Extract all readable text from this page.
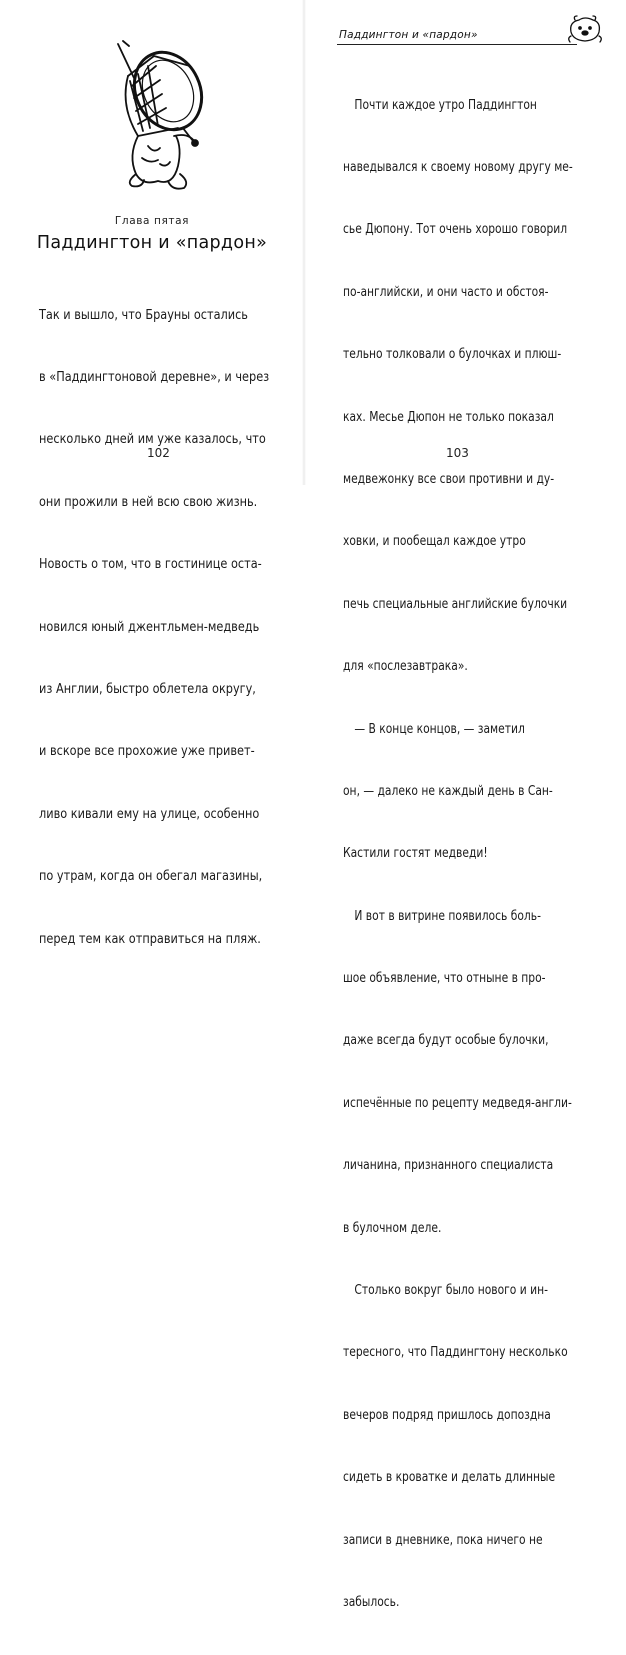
Глава пятая
Паддингтон и «пардон»

Так и вышло, что Брауны остались

в «Паддингтоновой деревне», и через

несколько дней им уже казалось, что

они прожили в ней всю свою жизнь.

Новость о том, что в гостинице оста-

новился юный джентльмен-медведь

из Англии, быстро облетела округу,

и вскоре все прохожие уже привет-

ливо кивали ему на улице, особенно

по утрам, когда он обегал магазины,

перед тем как отправиться на пляж.

102
Паддингтон и «пардон»

Почти каждое утро Паддингтон

наведывался к своему новому другу ме-

сье Дюпону. Тот очень хорошо говорил

по-английски, и они часто и обстоя-

тельно толковали о булочках и плюш-

ках. Месье Дюпон не только показал

медвежонку все свои противни и ду-

ховки, и пообещал каждое утро

печь специальные английские булочки

для «послезавтрака».

— В конце концов, — заметил

он, — далеко не каждый день в Сан-

Кастили гостят медведи!

И вот в витрине появилось боль-

шое объявление, что отныне в про-

даже всегда будут особые булочки,

испечённые по рецепту медведя-англи-

личанина, признанного специалиста

в булочном деле.

Столько вокруг было нового и ин-

тересного, что Паддингтону несколько

вечеров подряд пришлось допоздна

сидеть в кроватке и делать длинные

записи в дневнике, пока ничего не

забылось.

103
